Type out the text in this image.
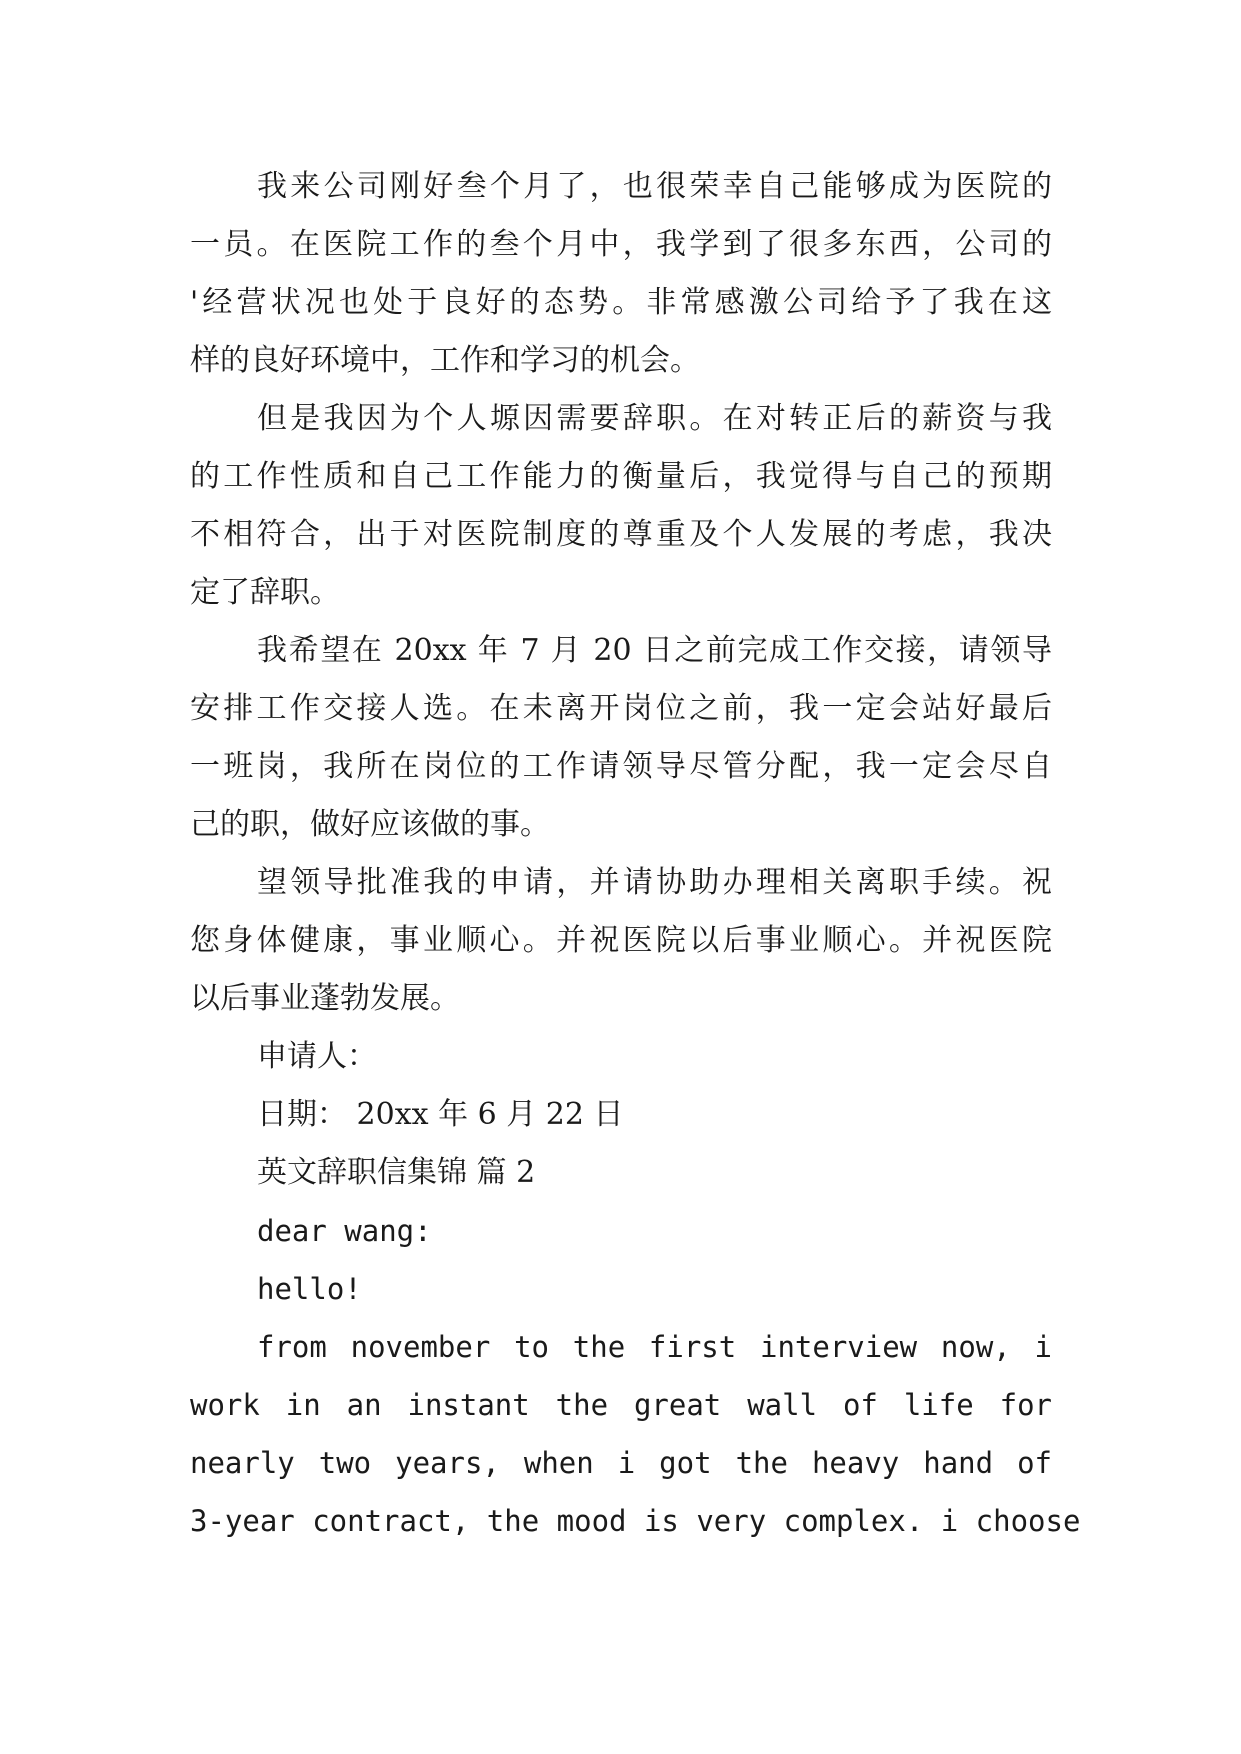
我来公司刚好叁个月了，也很荣幸自己能够成为医院的

一员。在医院工作的叁个月中，我学到了很多东西，公司的

'经营状况也处于良好的态势。非常感激公司给予了我在这

样的良好环境中，工作和学习的机会。

但是我因为个人塬因需要辞职。在对转正后的薪资与我

的工作性质和自己工作能力的衡量后，我觉得与自己的预期

不相符合，出于对医院制度的尊重及个人发展的考虑，我决

定了辞职。

我希望在 20xx 年 7 月 20 日之前完成工作交接，请领导

安排工作交接人选。在未离开岗位之前，我一定会站好最后

一班岗，我所在岗位的工作请领导尽管分配，我一定会尽自

己的职，做好应该做的事。

望领导批准我的申请，并请协助办理相关离职手续。祝

您身体健康，事业顺心。并祝医院以后事业顺心。并祝医院

以后事业蓬勃发展。

申请人：

日期： 20xx 年 6 月 22 日

英文辞职信集锦 篇 2

dear wang:

hello!

from november to the first interview now, i

work in an instant the great wall of life for

nearly two years, when i got the heavy hand of

3-year contract, the mood is very complex. i choose
